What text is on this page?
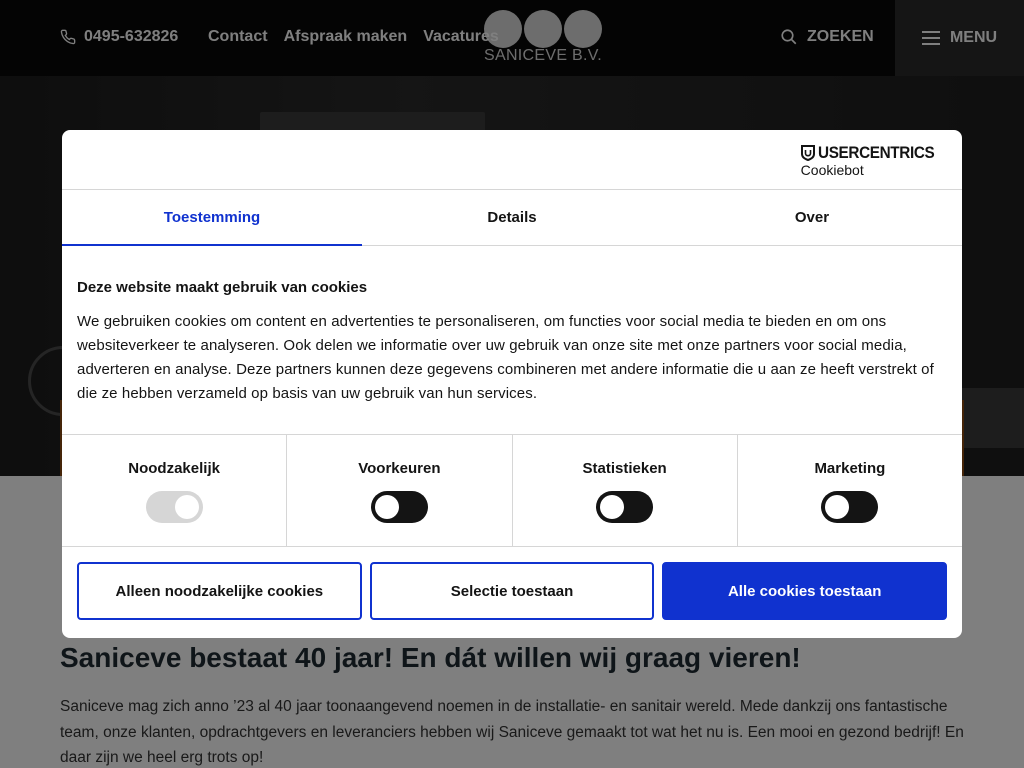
USERCENTRICS
Cookiebot
Toestemming	Details	Over
Deze website maakt gebruik van cookies

We gebruiken cookies om content en advertenties te personaliseren, om functies voor social media te bieden en om ons websiteverkeer te analyseren. Ook delen we informatie over uw gebruik van onze site met onze partners voor social media, adverteren en analyse. Deze partners kunnen deze gegevens combineren met andere informatie die u aan ze heeft verstrekt of die ze hebben verzameld op basis van uw gebruik van hun services.

Noodzakelijk	Voorkeuren	Statistieken	Marketing
Alleen noodzakelijke cookies	Selectie toestaan	Alle cookies toestaan
